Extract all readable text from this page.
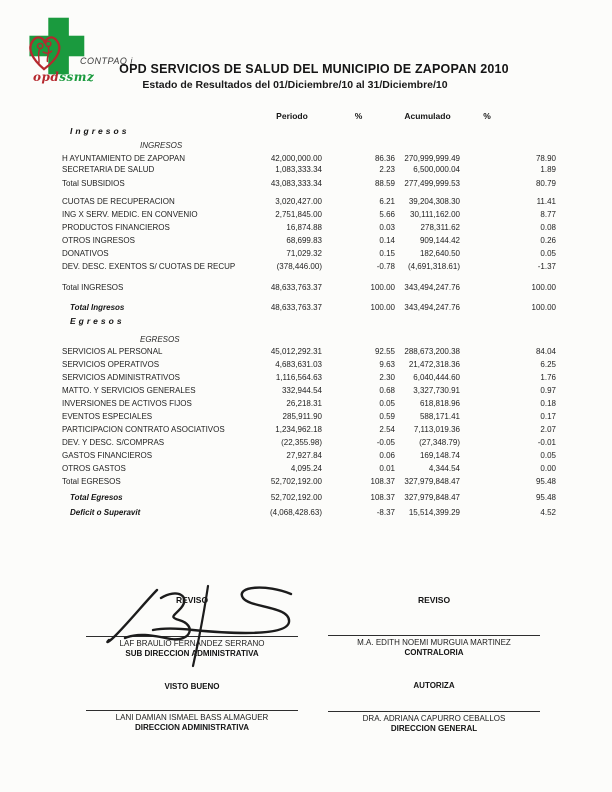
CONTPAQ i
opdssmz
OPD SERVICIOS DE SALUD DEL MUNICIPIO DE ZAPOPAN 2010
Estado de Resultados del 01/Diciembre/10 al 31/Diciembre/10
Periodo	%	Acumulado	%
Ingresos
INGRESOS
H AYUNTAMIENTO DE ZAPOPAN	42,000,000.00	86.36	270,999,999.49	78.90
SECRETARIA DE SALUD	1,083,333.34	2.23	6,500,000.04	1.89
Total SUBSIDIOS	43,083,333.34	88.59	277,499,999.53	80.79
CUOTAS DE RECUPERACION	3,020,427.00	6.21	39,204,308.30	11.41
ING X SERV. MEDIC. EN CONVENIO	2,751,845.00	5.66	30,111,162.00	8.77
PRODUCTOS FINANCIEROS	16,874.88	0.03	278,311.62	0.08
OTROS INGRESOS	68,699.83	0.14	909,144.42	0.26
DONATIVOS	71,029.32	0.15	182,640.50	0.05
DEV. DESC. EXENTOS S/ CUOTAS DE RECUP	(378,446.00)	-0.78	(4,691,318.61)	-1.37
Total INGRESOS	48,633,763.37	100.00	343,494,247.76	100.00
Total Ingresos	48,633,763.37	100.00	343,494,247.76	100.00
Egresos
EGRESOS
SERVICIOS AL PERSONAL	45,012,292.31	92.55	288,673,200.38	84.04
SERVICIOS OPERATIVOS	4,683,631.03	9.63	21,472,318.36	6.25
SERVICIOS ADMINISTRATIVOS	1,116,564.63	2.30	6,040,444.60	1.76
MATTO. Y SERVICIOS GENERALES	332,944.54	0.68	3,327,730.91	0.97
INVERSIONES DE ACTIVOS FIJOS	26,218.31	0.05	618,818.96	0.18
EVENTOS ESPECIALES	285,911.90	0.59	588,171.41	0.17
PARTICIPACION CONTRATO ASOCIATIVOS	1,234,962.18	2.54	7,113,019.36	2.07
DEV. Y DESC. S/COMPRAS	(22,355.98)	-0.05	(27,348.79)	-0.01
GASTOS FINANCIEROS	27,927.84	0.06	169,148.74	0.05
OTROS GASTOS	4,095.24	0.01	4,344.54	0.00
Total EGRESOS	52,702,192.00	108.37	327,979,848.47	95.48
Total Egresos	52,702,192.00	108.37	327,979,848.47	95.48
Deficit o Superavit	(4,068,428.63)	-8.37	15,514,399.29	4.52
REVISO
LAF BRAULIO FERNANDEZ SERRANO
SUB DIRECCION ADMINISTRATIVA
VISTO BUENO
LANI DAMIAN ISMAEL BASS ALMAGUER
DIRECCION ADMINISTRATIVA
REVISO
M.A. EDITH NOEMI MURGUIA MARTINEZ
CONTRALORIA
AUTORIZA
DRA. ADRIANA CAPURRO CEBALLOS
DIRECCION GENERAL
